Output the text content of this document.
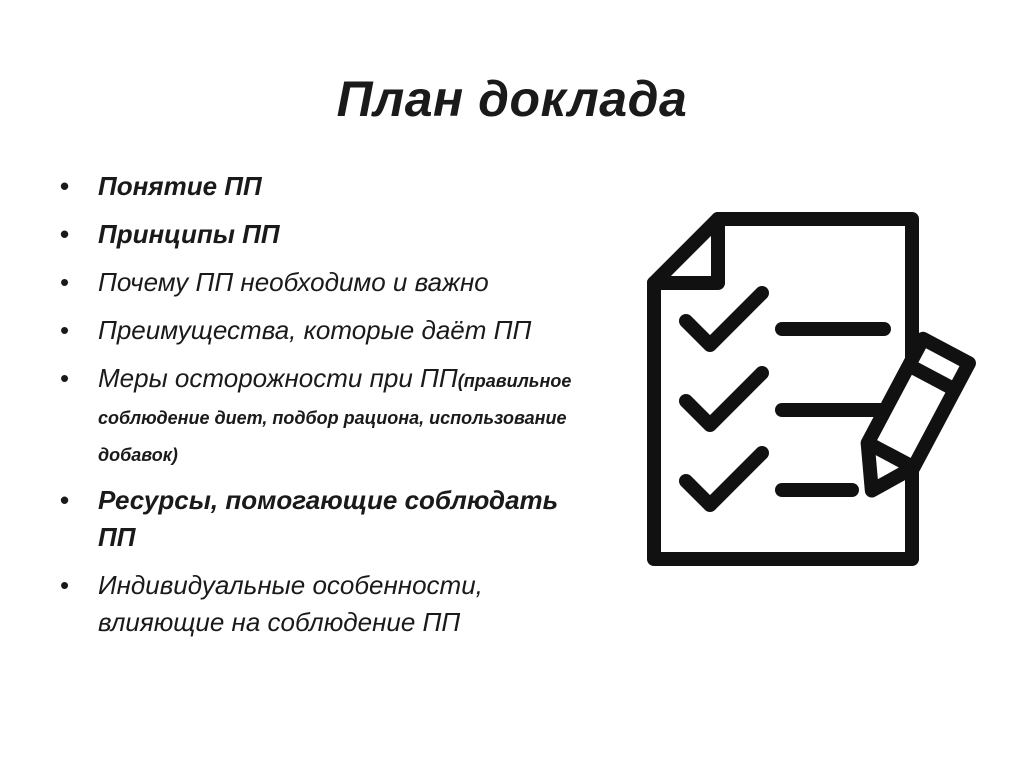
План доклада
• Понятие ПП
• Принципы ПП
• Почему ПП необходимо и важно
• Преимущества, которые даёт ПП
• Меры осторожности при ПП(правильное соблюдение диет, подбор рациона, использование добавок)
• Ресурсы, помогающие соблюдать ПП
• Индивидуальные особенности, влияющие на соблюдение ПП
